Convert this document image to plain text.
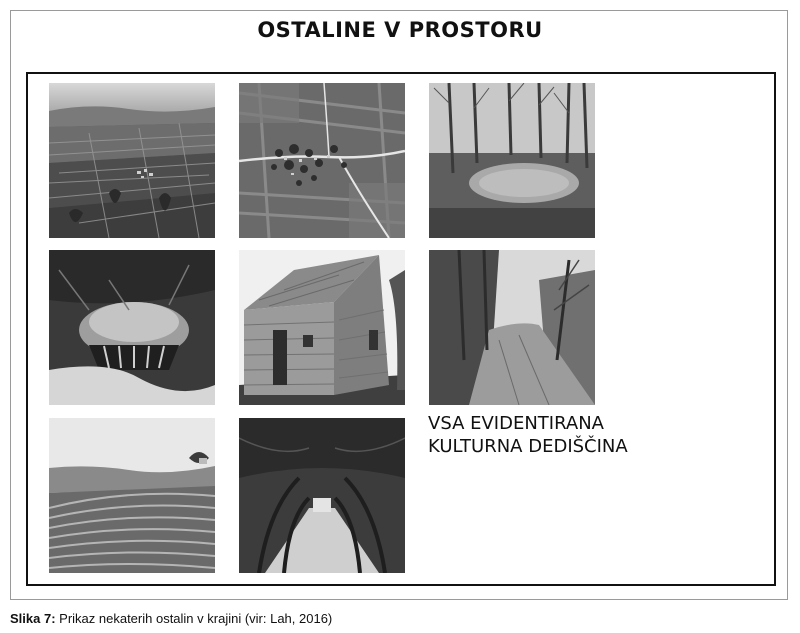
OSTALINE V PROSTORU
VSA EVIDENTIRANA
KULTURNA DEDIŠČINA
Slika 7: Prikaz nekaterih ostalin v krajini (vir: Lah, 2016)
